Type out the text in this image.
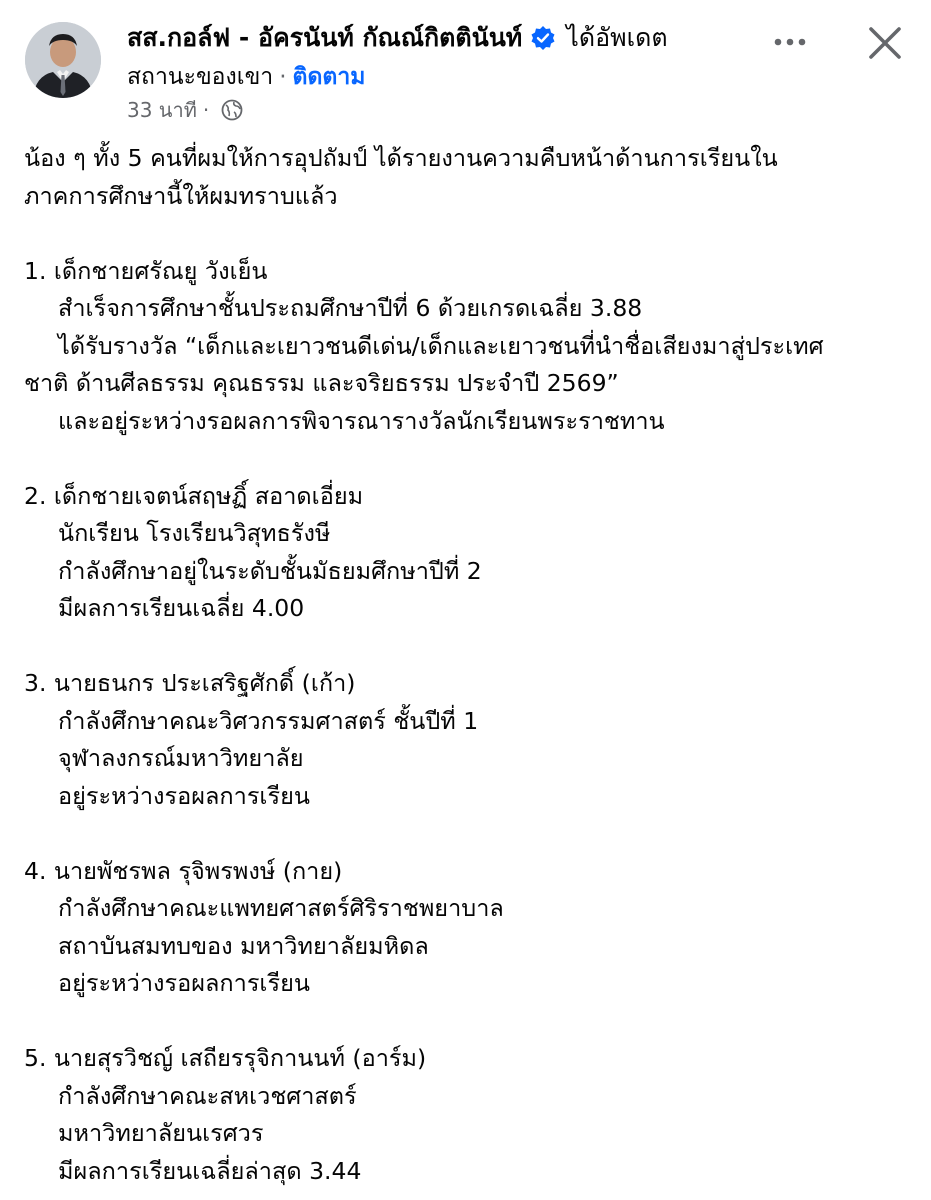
สส.กอล์ฟ - อัครนันท์ กัณณ์กิตตินันท์ ได้อัพเดต
สถานะของเขา · ติดตาม
33 นาที ·
น้อง ๆ ทั้ง 5 คนที่ผมให้การอุปถัมป์ ได้รายงานความคืบหน้าด้านการเรียนใน
ภาคการศึกษานี้ให้ผมทราบแล้ว
1. เด็กชายศรัณยู วังเย็น
สำเร็จการศึกษาชั้นประถมศึกษาปีที่ 6 ด้วยเกรดเฉลี่ย 3.88
ได้รับรางวัล “เด็กและเยาวชนดีเด่น/เด็กและเยาวชนที่นำชื่อเสียงมาสู่ประเทศ
ชาติ ด้านศีลธรรม คุณธรรม และจริยธรรม ประจำปี 2569”
และอยู่ระหว่างรอผลการพิจารณารางวัลนักเรียนพระราชทาน
2. เด็กชายเจตน์สฤษฏิ์ สอาดเอี่ยม
นักเรียน โรงเรียนวิสุทธรังษี
กำลังศึกษาอยู่ในระดับชั้นมัธยมศึกษาปีที่ 2
มีผลการเรียนเฉลี่ย 4.00
3. นายธนกร ประเสริฐศักดิ์ (เก้า)
กำลังศึกษาคณะวิศวกรรมศาสตร์ ชั้นปีที่ 1
จุฬาลงกรณ์มหาวิทยาลัย
อยู่ระหว่างรอผลการเรียน
4. นายพัชรพล รุจิพรพงษ์ (กาย)
กำลังศึกษาคณะแพทยศาสตร์ศิริราชพยาบาล
สถาบันสมทบของ มหาวิทยาลัยมหิดล
อยู่ระหว่างรอผลการเรียน
5. นายสุรวิชญ์ เสถียรรุจิกานนท์ (อาร์ม)
กำลังศึกษาคณะสหเวชศาสตร์
มหาวิทยาลัยนเรศวร
มีผลการเรียนเฉลี่ยล่าสุด 3.44
